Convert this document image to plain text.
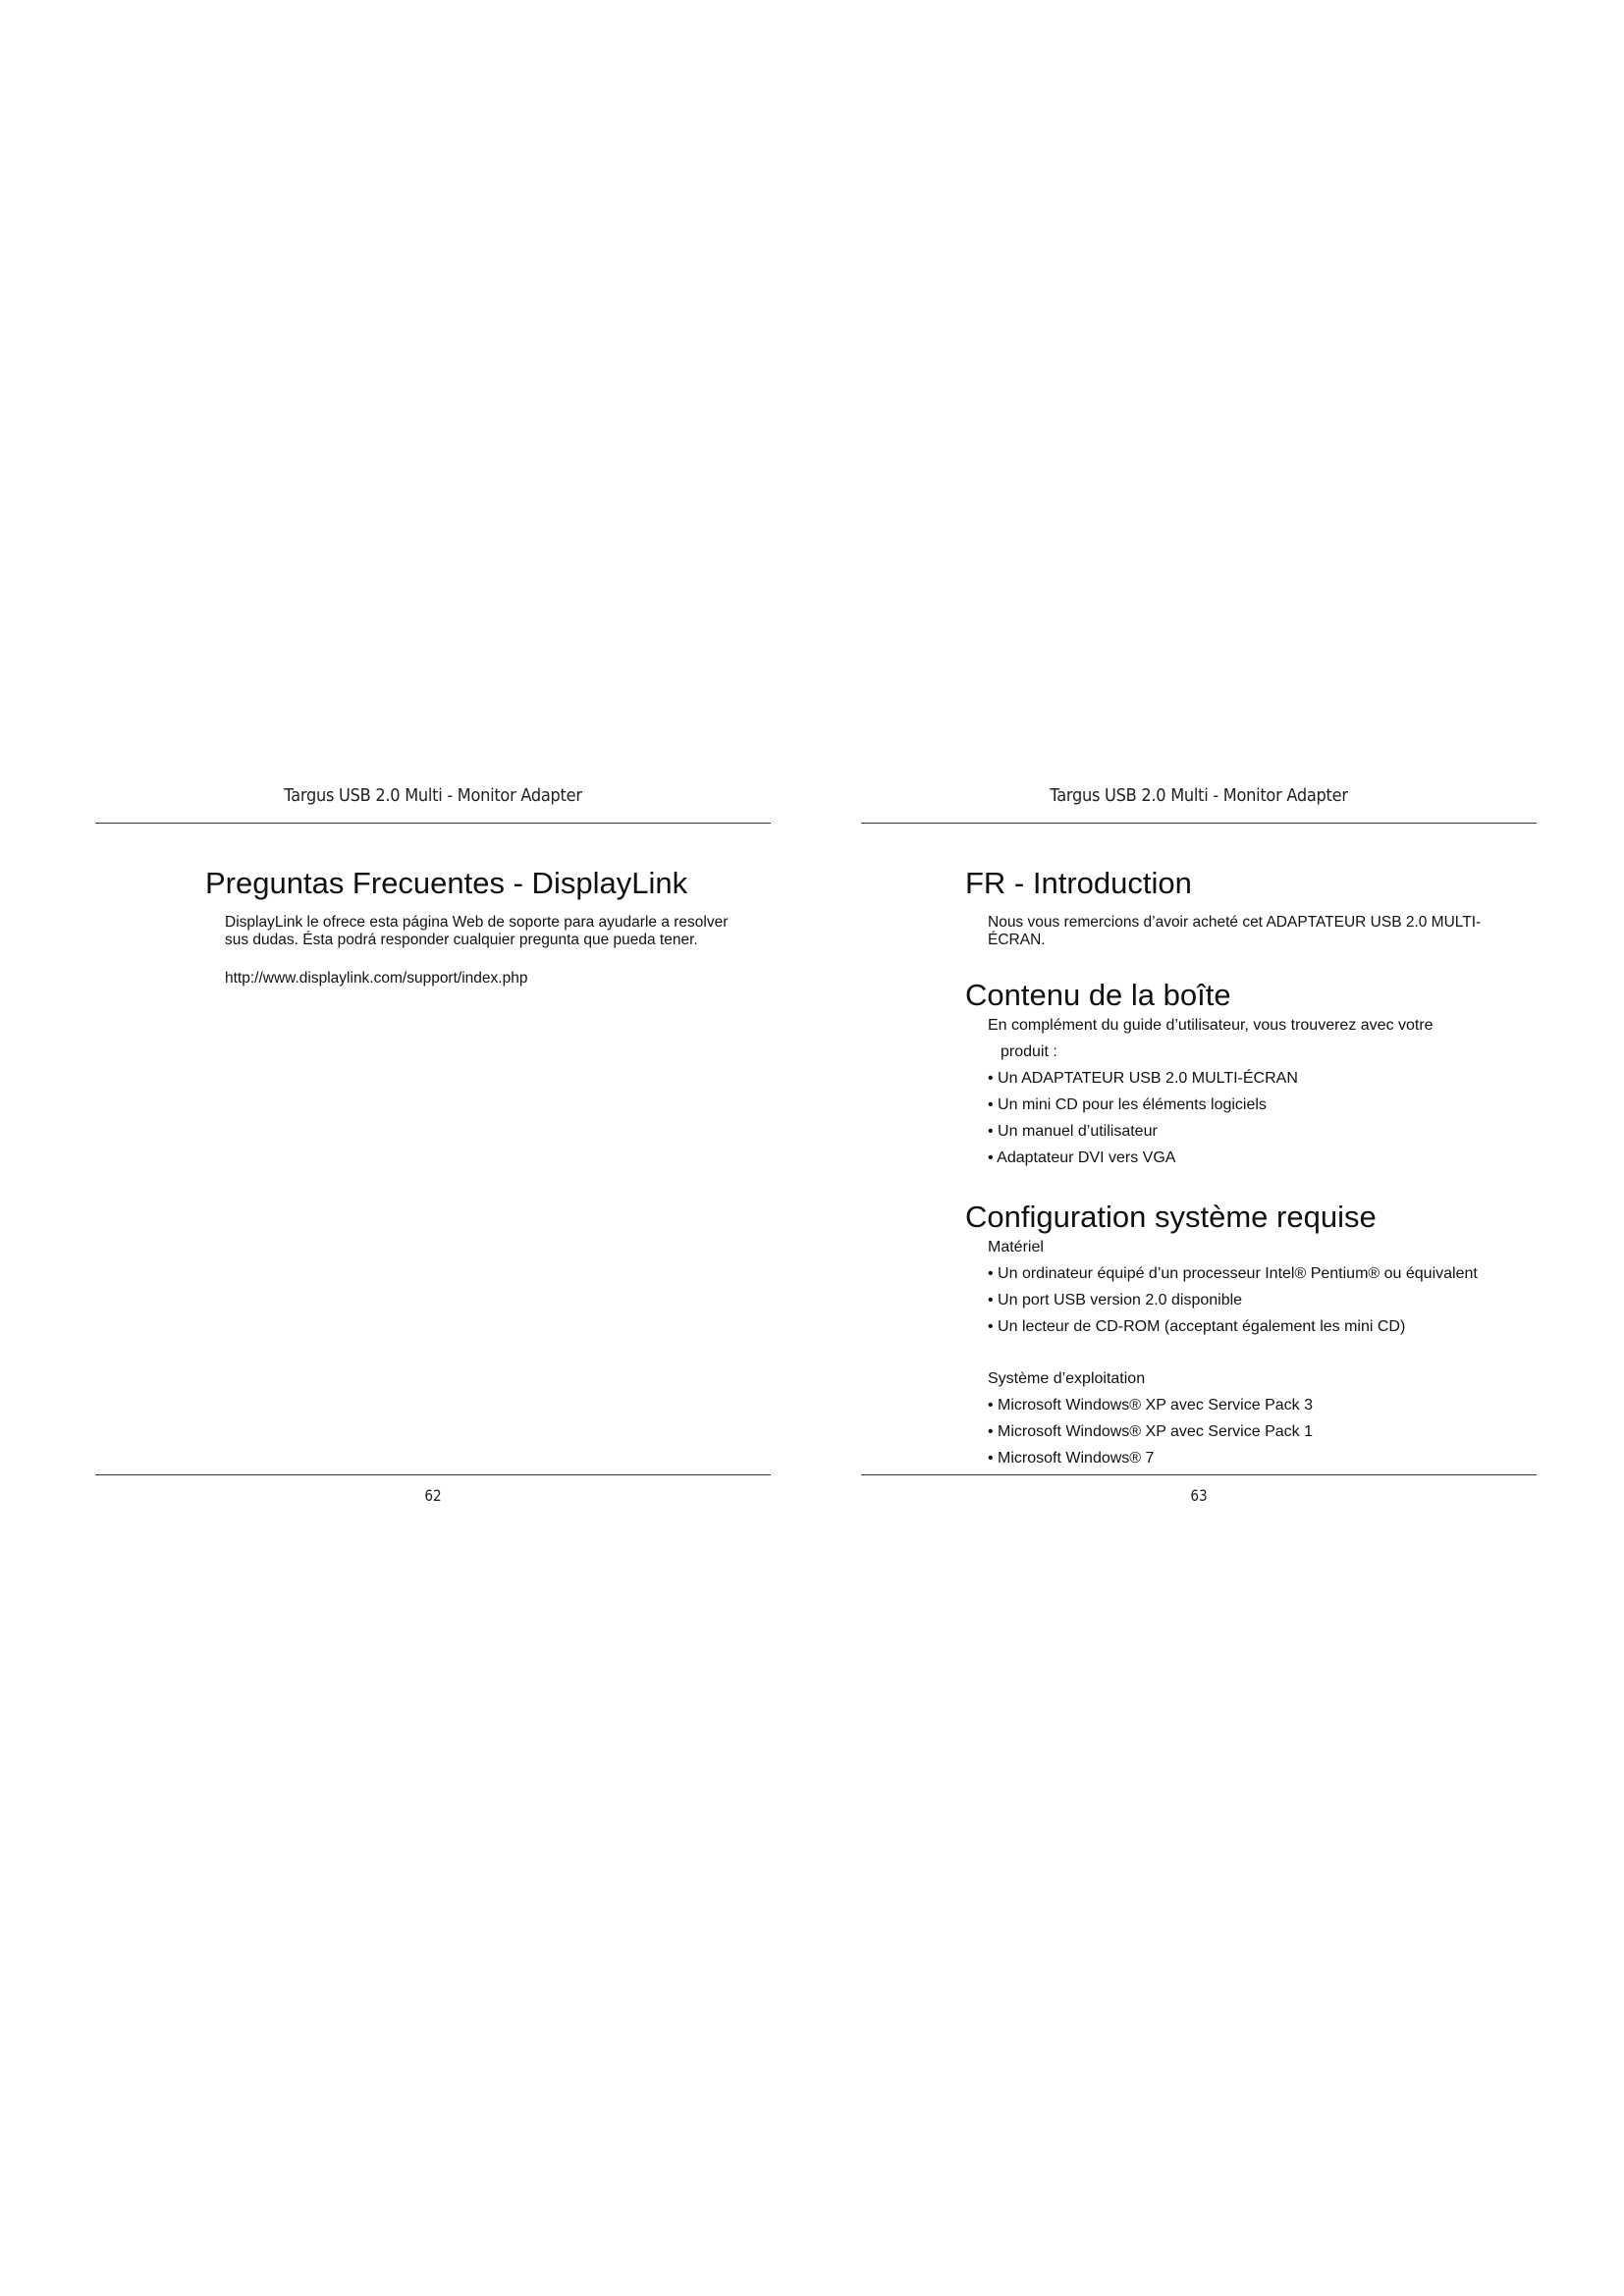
Targus USB 2.0 Multi - Monitor Adapter
Preguntas Frecuentes - DisplayLink
DisplayLink le ofrece esta página Web de soporte para ayudarle a resolver
sus dudas. Ésta podrá responder cualquier pregunta que pueda tener.
http://www.displaylink.com/support/index.php
62
Targus USB 2.0 Multi - Monitor Adapter
FR - Introduction
Nous vous remercions d’avoir acheté cet ADAPTATEUR USB 2.0 MULTI-
ÉCRAN.
Contenu de la boîte
En complément du guide d’utilisateur, vous trouverez avec votre
produit :
• Un ADAPTATEUR USB 2.0 MULTI-ÉCRAN
• Un mini CD pour les éléments logiciels
• Un manuel d’utilisateur
• Adaptateur DVI vers VGA
Configuration système requise
Matériel
• Un ordinateur équipé d’un processeur Intel® Pentium® ou équivalent
• Un port USB version 2.0 disponible
• Un lecteur de CD-ROM (acceptant également les mini CD)
Système d’exploitation
• Microsoft Windows® XP avec Service Pack 3
• Microsoft Windows® XP avec Service Pack 1
• Microsoft Windows® 7
63
